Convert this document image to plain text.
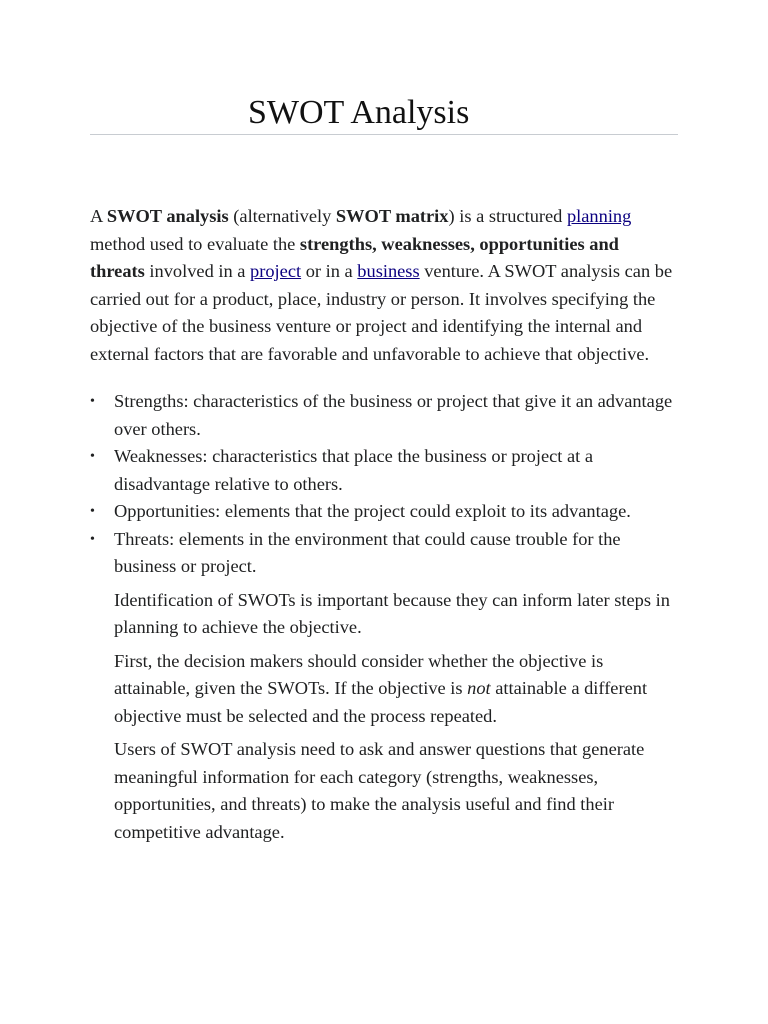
SWOT Analysis

A SWOT analysis (alternatively SWOT matrix) is a structured planning method used to evaluate the strengths, weaknesses, opportunities and threats involved in a project or in a business venture. A SWOT analysis can be carried out for a product, place, industry or person. It involves specifying the objective of the business venture or project and identifying the internal and external factors that are favorable and unfavorable to achieve that objective.

• Strengths: characteristics of the business or project that give it an advantage over others.
• Weaknesses: characteristics that place the business or project at a disadvantage relative to others.
• Opportunities: elements that the project could exploit to its advantage.
• Threats: elements in the environment that could cause trouble for the business or project.

Identification of SWOTs is important because they can inform later steps in planning to achieve the objective.

First, the decision makers should consider whether the objective is attainable, given the SWOTs. If the objective is not attainable a different objective must be selected and the process repeated.

Users of SWOT analysis need to ask and answer questions that generate meaningful information for each category (strengths, weaknesses, opportunities, and threats) to make the analysis useful and find their competitive advantage.
